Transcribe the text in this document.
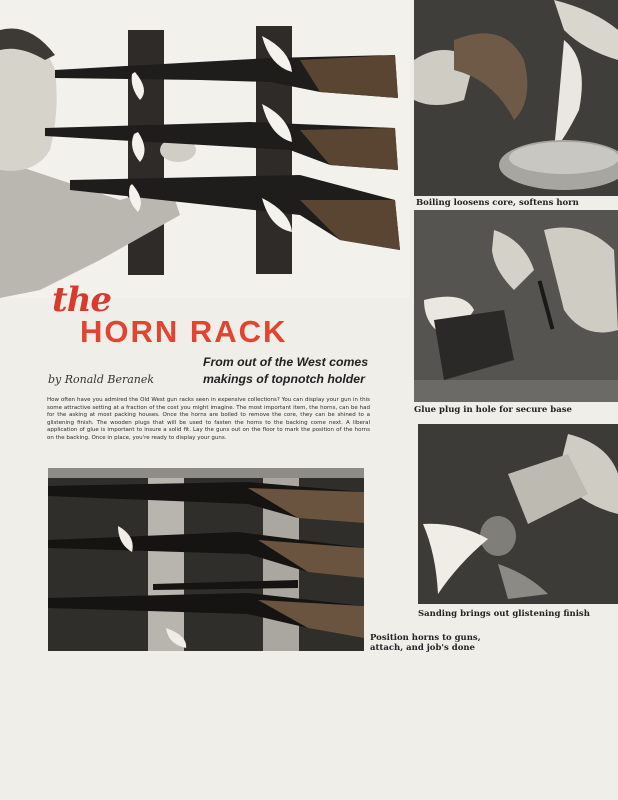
Boiling loosens core, softens horn
Glue plug in hole for secure base
Sanding brings out glistening finish
Position horns to guns,
attach, and job's done
the
HORN RACK
From out of the West comes makings of topnotch holder
by Ronald Beranek
How often have you admired the Old West gun racks seen in expensive collections? You can display your gun in this some attractive setting at a fraction of the cost you might imagine. The most important item, the horns, can be had for the asking at most packing houses. Once the horns are boiled to remove the core, they can be shined to a glistening finish. The wooden plugs that will be used to fasten the horns to the backing come next. A liberal application of glue is important to insure a solid fit. Lay the guns out on the floor to mark the position of the horns on the backing. Once in place, you're ready to display your guns.
